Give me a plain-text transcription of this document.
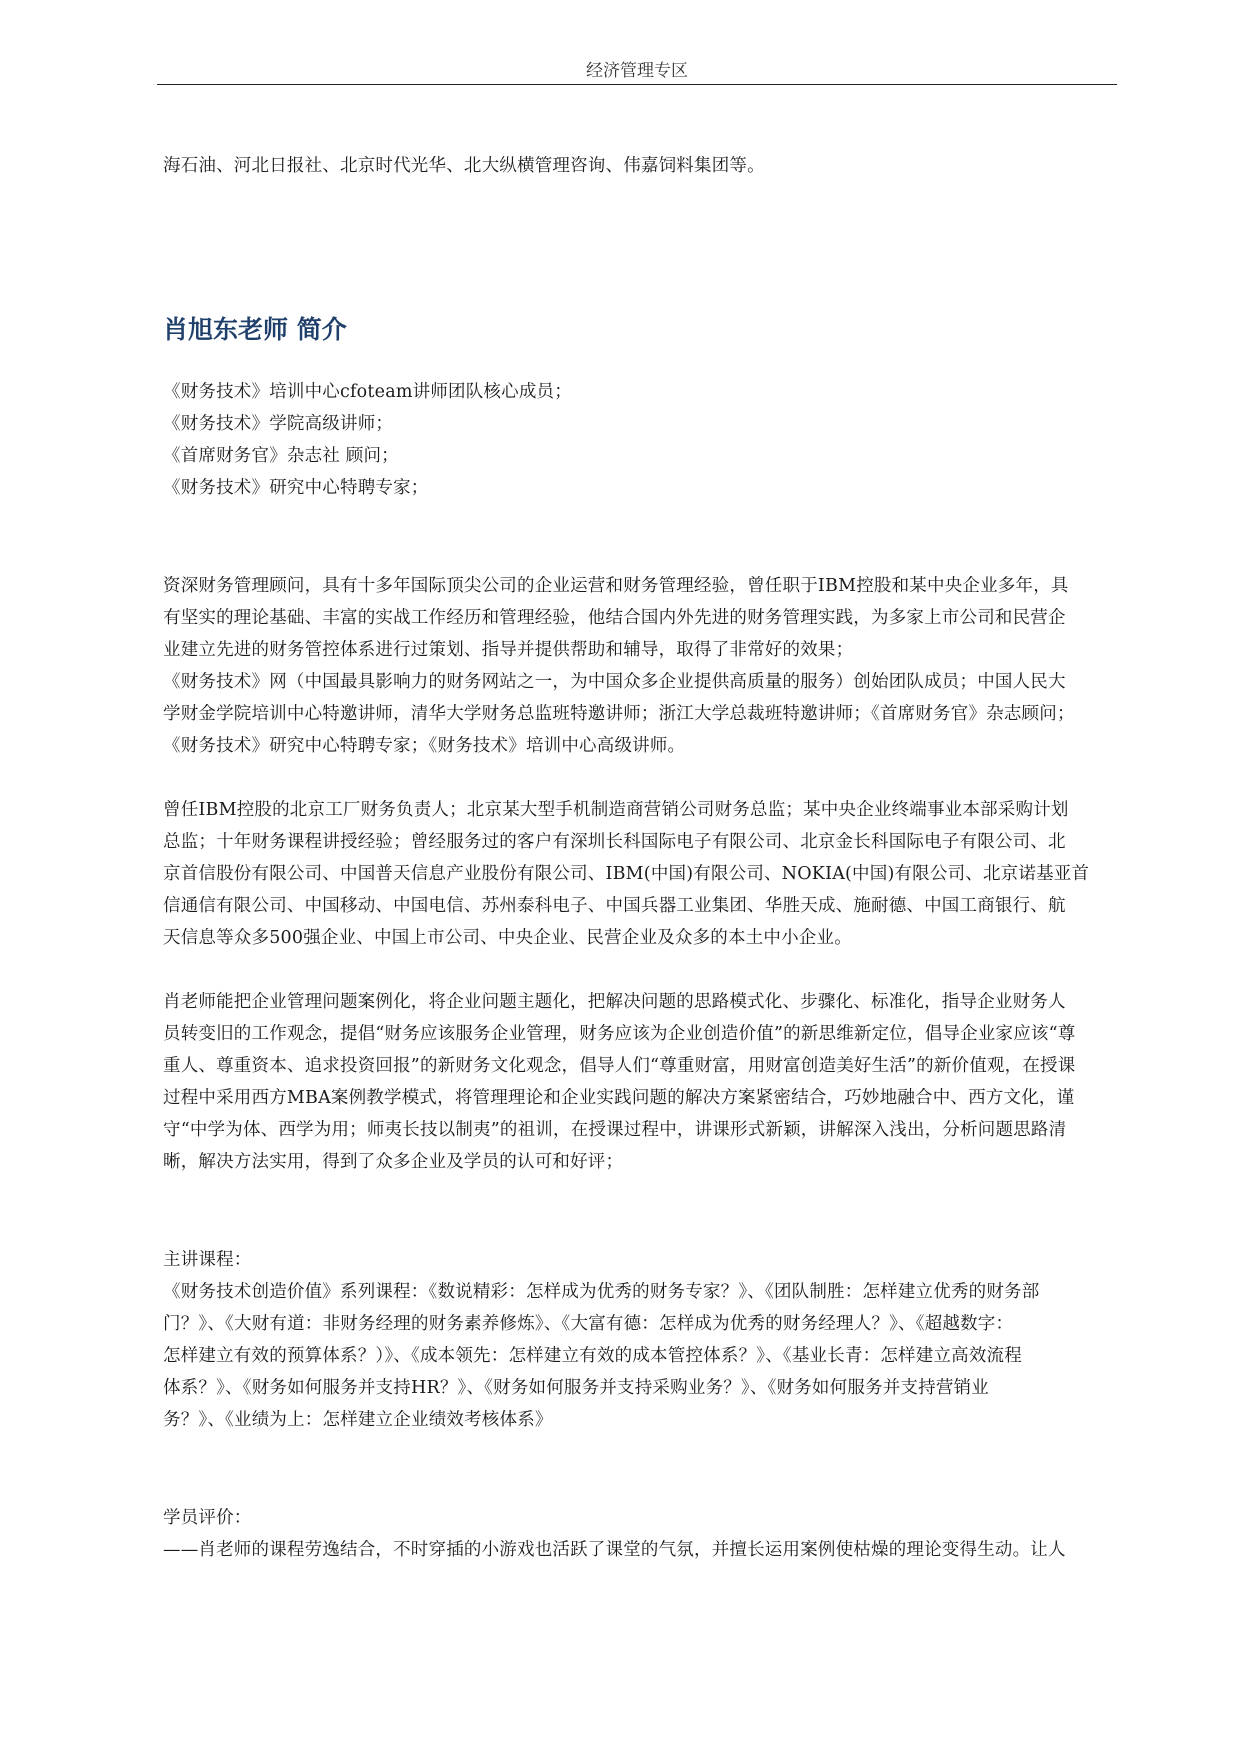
经济管理专区
海石油、河北日报社、北京时代光华、北大纵横管理咨询、伟嘉饲料集团等。
肖旭东老师 简介
《财务技术》培训中心cfoteam讲师团队核心成员；
《财务技术》学院高级讲师；
《首席财务官》杂志社 顾问；
《财务技术》研究中心特聘专家；
资深财务管理顾问，具有十多年国际顶尖公司的企业运营和财务管理经验，曾任职于IBM控股和某中央企业多年，具
有坚实的理论基础、丰富的实战工作经历和管理经验，他结合国内外先进的财务管理实践，为多家上市公司和民营企
业建立先进的财务管控体系进行过策划、指导并提供帮助和辅导，取得了非常好的效果；
《财务技术》网（中国最具影响力的财务网站之一，为中国众多企业提供高质量的服务）创始团队成员；中国人民大
学财金学院培训中心特邀讲师，清华大学财务总监班特邀讲师；浙江大学总裁班特邀讲师；《首席财务官》杂志顾问；
《财务技术》研究中心特聘专家；《财务技术》培训中心高级讲师。
曾任IBM控股的北京工厂财务负责人；北京某大型手机制造商营销公司财务总监；某中央企业终端事业本部采购计划
总监；十年财务课程讲授经验；曾经服务过的客户有深圳长科国际电子有限公司、北京金长科国际电子有限公司、北
京首信股份有限公司、中国普天信息产业股份有限公司、IBM(中国)有限公司、NOKIA(中国)有限公司、北京诺基亚首
信通信有限公司、中国移动、中国电信、苏州泰科电子、中国兵器工业集团、华胜天成、施耐德、中国工商银行、航
天信息等众多500强企业、中国上市公司、中央企业、民营企业及众多的本土中小企业。
肖老师能把企业管理问题案例化，将企业问题主题化，把解决问题的思路模式化、步骤化、标准化，指导企业财务人
员转变旧的工作观念，提倡“财务应该服务企业管理，财务应该为企业创造价值”的新思维新定位，倡导企业家应该“尊
重人、尊重资本、追求投资回报”的新财务文化观念，倡导人们“尊重财富，用财富创造美好生活”的新价值观，在授课
过程中采用西方MBA案例教学模式，将管理理论和企业实践问题的解决方案紧密结合，巧妙地融合中、西方文化，谨
守“中学为体、西学为用；师夷长技以制夷”的祖训，在授课过程中，讲课形式新颖，讲解深入浅出，分析问题思路清
晰，解决方法实用，得到了众多企业及学员的认可和好评；
主讲课程：
《财务技术创造价值》系列课程：《数说精彩：怎样成为优秀的财务专家？》、《团队制胜：怎样建立优秀的财务部
门？》、《大财有道：非财务经理的财务素养修炼》、《大富有德：怎样成为优秀的财务经理人？》、《超越数字：
怎样建立有效的预算体系？）》、《成本领先：怎样建立有效的成本管控体系？》、《基业长青：怎样建立高效流程
体系？》、《财务如何服务并支持HR？》、《财务如何服务并支持采购业务？》、《财务如何服务并支持营销业
务？》、《业绩为上：怎样建立企业绩效考核体系》
学员评价：
——肖老师的课程劳逸结合，不时穿插的小游戏也活跃了课堂的气氛，并擅长运用案例使枯燥的理论变得生动。让人
